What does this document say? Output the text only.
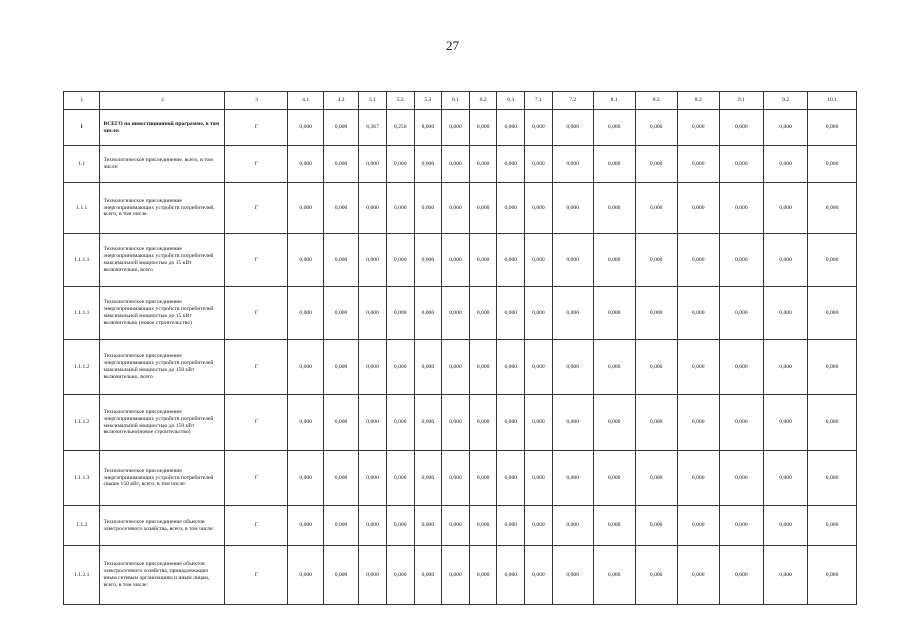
27
1	2	3	4.1	4.2	5.1	5.2	5.3	6.1	6.2	6.3	7.1	7.2	8.1	8.2	8.3	9.1	9.2	10.1
I	ВСЕГО по инвестиционной программе, в том числе:	Г	0,000	0,000	6,367	0,250	8,000	0,000	0,000	0,000	0,000	0,000	0,000	0,000	0,000	0,000	0,000	0,000
1.1	Технологическое присоединение, всего, в том числе:	Г	0,000	0,000	0,000	0,000	0,000	0,000	0,000	0,000	0,000	0,000	0,000	0,000	0,000	0,000	0,000	0,000
1.1.1	Технологическое присоединение энергопринимающих устройств потребителей, всего, в том числе:	Г	0,000	0,000	0,000	0,000	0,000	0,000	0,000	0,000	0,000	0,000	0,000	0,000	0,000	0,000	0,000	0,000
1.1.1.1	Технологическое присоединение энергопринимающих устройств потребителей максимальной мощностью до 15 кВт включительно, всего	Г	0,000	0,000	0,000	0,000	0,000	0,000	0,000	0,000	0,000	0,000	0,000	0,000	0,000	0,000	0,000	0,000
1.1.1.1	Технологическое присоединение энергопринимающих устройств потребителей максимальной мощностью до 15 кВт включительно (новое строительство)	Г	0,000	0,000	0,000	0,000	0,000	0,000	0,000	0,000	0,000	0,000	0,000	0,000	0,000	0,000	0,000	0,000
1.1.1.2	Технологическое присоединение энергопринимающих устройств потребителей максимальной мощностью до 150 кВт включительно, всего	Г	0,000	0,000	0,000	0,000	0,000	0,000	0,000	0,000	0,000	0,000	0,000	0,000	0,000	0,000	0,000	0,000
1.1.1.2	Технологическое присоединение энергопринимающих устройств потребителей максимальной мощностью до 150 кВт включительно(новое строительство)	Г	0,000	0,000	0,000	0,000	0,000	0,000	0,000	0,000	0,000	0,000	0,000	0,000	0,000	0,000	0,000	0,000
1.1.1.3	Технологическое присоединение энергопринимающих устройств потребителей свыше 150 кВт, всего, в том числе:	Г	0,000	0,000	0,000	0,000	0,000	0,000	0,000	0,000	0,000	0,000	0,000	0,000	0,000	0,000	0,000	0,000
1.1.2	Технологическое присоединение объектов электросетевого хозяйства, всего, в том числе:	Г	0,000	0,000	0,000	0,000	0,000	0,000	0,000	0,000	0,000	0,000	0,000	0,000	0,000	0,000	0,000	0,000
1.1.2.1	Технологическое присоединение объектов электросетевого хозяйства, принадлежащих иным сетевым организациям и иным лицам, всего, в том числе:	Г	0,000	0,000	0,000	0,000	0,000	0,000	0,000	0,000	0,000	0,000	0,000	0,000	0,000	0,000	0,000	0,000
